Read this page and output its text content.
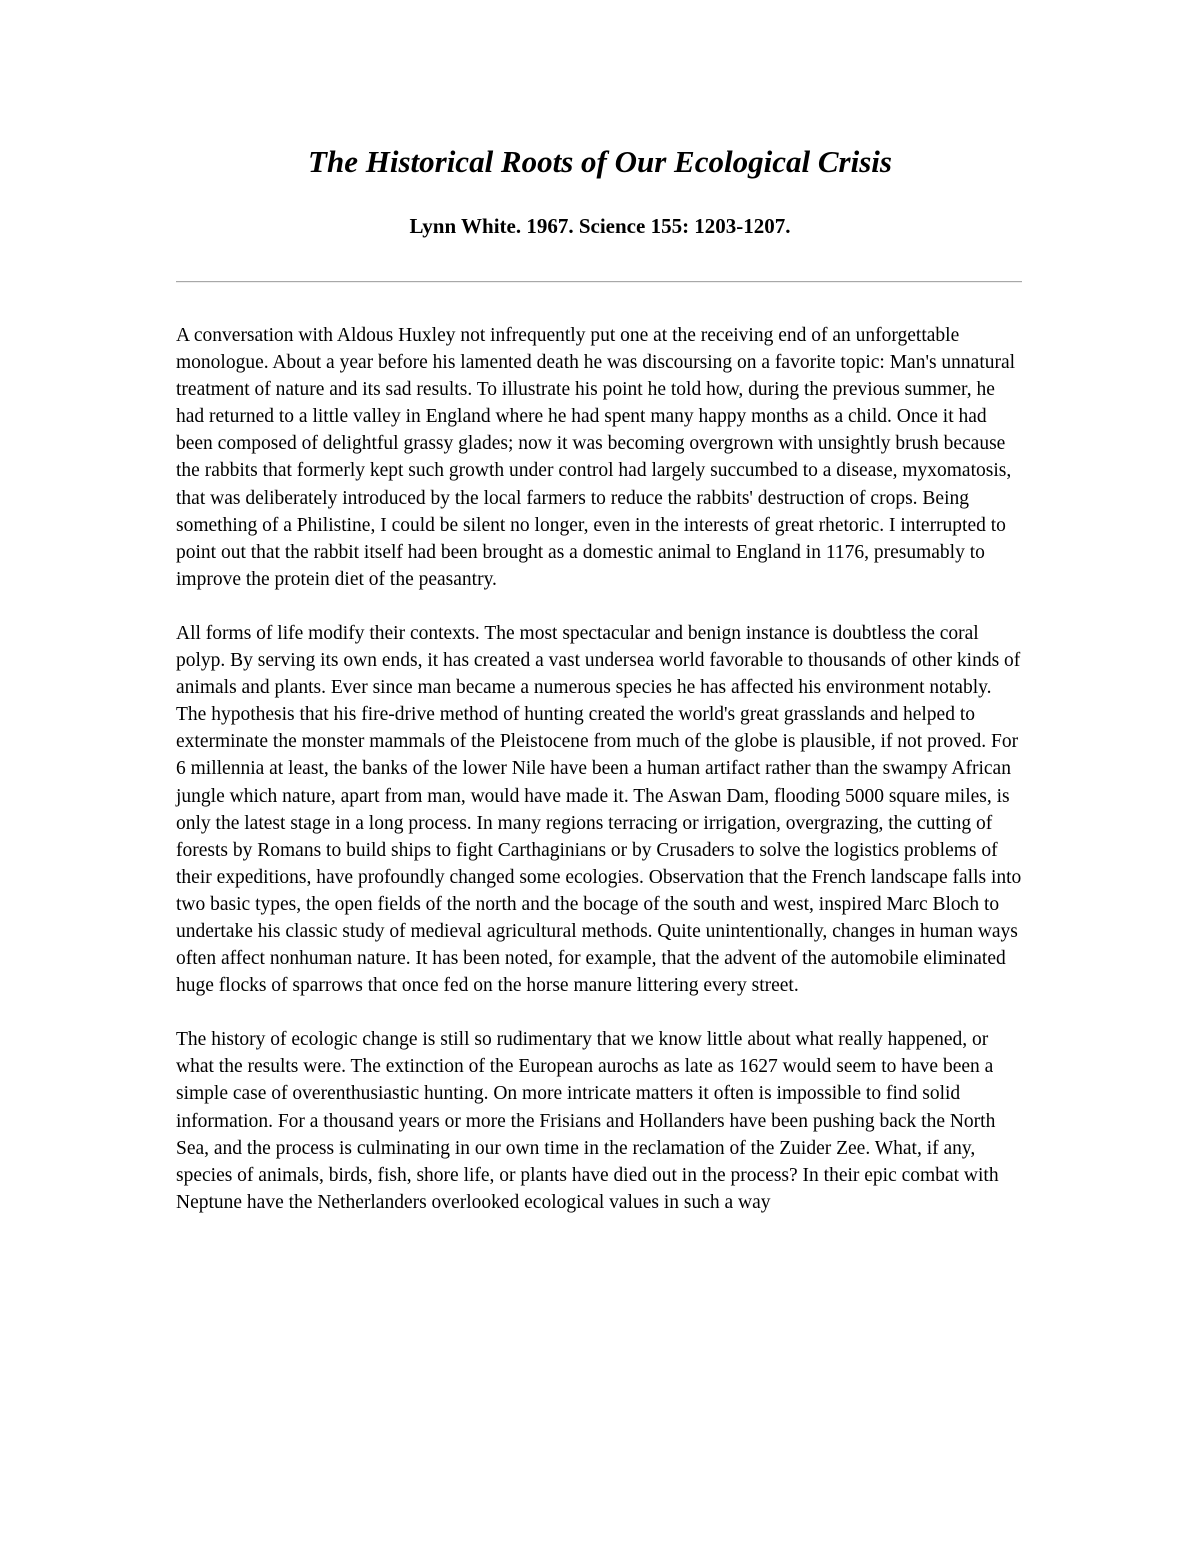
The Historical Roots of Our Ecological Crisis
Lynn White. 1967. Science 155: 1203-1207.

A conversation with Aldous Huxley not infrequently put one at the receiving end of an unforgettable monologue. About a year before his lamented death he was discoursing on a favorite topic: Man's unnatural treatment of nature and its sad results. To illustrate his point he told how, during the previous summer, he had returned to a little valley in England where he had spent many happy months as a child. Once it had been composed of delightful grassy glades; now it was becoming overgrown with unsightly brush because the rabbits that formerly kept such growth under control had largely succumbed to a disease, myxomatosis, that was deliberately introduced by the local farmers to reduce the rabbits' destruction of crops. Being something of a Philistine, I could be silent no longer, even in the interests of great rhetoric. I interrupted to point out that the rabbit itself had been brought as a domestic animal to England in 1176, presumably to improve the protein diet of the peasantry.

All forms of life modify their contexts. The most spectacular and benign instance is doubtless the coral polyp. By serving its own ends, it has created a vast undersea world favorable to thousands of other kinds of animals and plants. Ever since man became a numerous species he has affected his environment notably. The hypothesis that his fire-drive method of hunting created the world's great grasslands and helped to exterminate the monster mammals of the Pleistocene from much of the globe is plausible, if not proved. For 6 millennia at least, the banks of the lower Nile have been a human artifact rather than the swampy African jungle which nature, apart from man, would have made it. The Aswan Dam, flooding 5000 square miles, is only the latest stage in a long process. In many regions terracing or irrigation, overgrazing, the cutting of forests by Romans to build ships to fight Carthaginians or by Crusaders to solve the logistics problems of their expeditions, have profoundly changed some ecologies. Observation that the French landscape falls into two basic types, the open fields of the north and the bocage of the south and west, inspired Marc Bloch to undertake his classic study of medieval agricultural methods. Quite unintentionally, changes in human ways often affect nonhuman nature. It has been noted, for example, that the advent of the automobile eliminated huge flocks of sparrows that once fed on the horse manure littering every street.

The history of ecologic change is still so rudimentary that we know little about what really happened, or what the results were. The extinction of the European aurochs as late as 1627 would seem to have been a simple case of overenthusiastic hunting. On more intricate matters it often is impossible to find solid information. For a thousand years or more the Frisians and Hollanders have been pushing back the North Sea, and the process is culminating in our own time in the reclamation of the Zuider Zee. What, if any, species of animals, birds, fish, shore life, or plants have died out in the process? In their epic combat with Neptune have the Netherlanders overlooked ecological values in such a way
